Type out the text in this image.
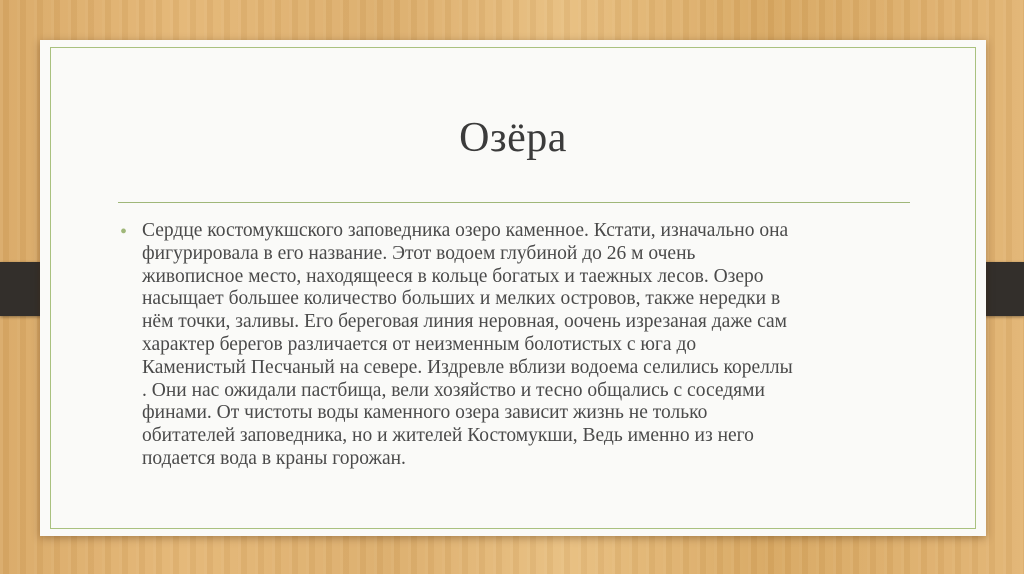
Озёра
• Сердце костомукшского заповедника озеро каменное. Кстати, изначально она
фигурировала в его название. Этот водоем глубиной до 26 м очень
живописное место, находящееся в кольце богатых и таежных лесов. Озеро
насыщает большее количество больших и мелких островов, также нередки в
нём точки, заливы. Его береговая линия неровная, оочень изрезаная даже сам
характер берегов различается от неизменным болотистых с юга до
Каменистый Песчаный на севере. Издревле вблизи водоема селились кореллы
. Они нас ожидали пастбища, вели хозяйство и тесно общались с соседями
финами. От чистоты воды каменного озера зависит жизнь не только
обитателей заповедника, но и жителей Костомукши, Ведь именно из него
подается вода в краны горожан.
